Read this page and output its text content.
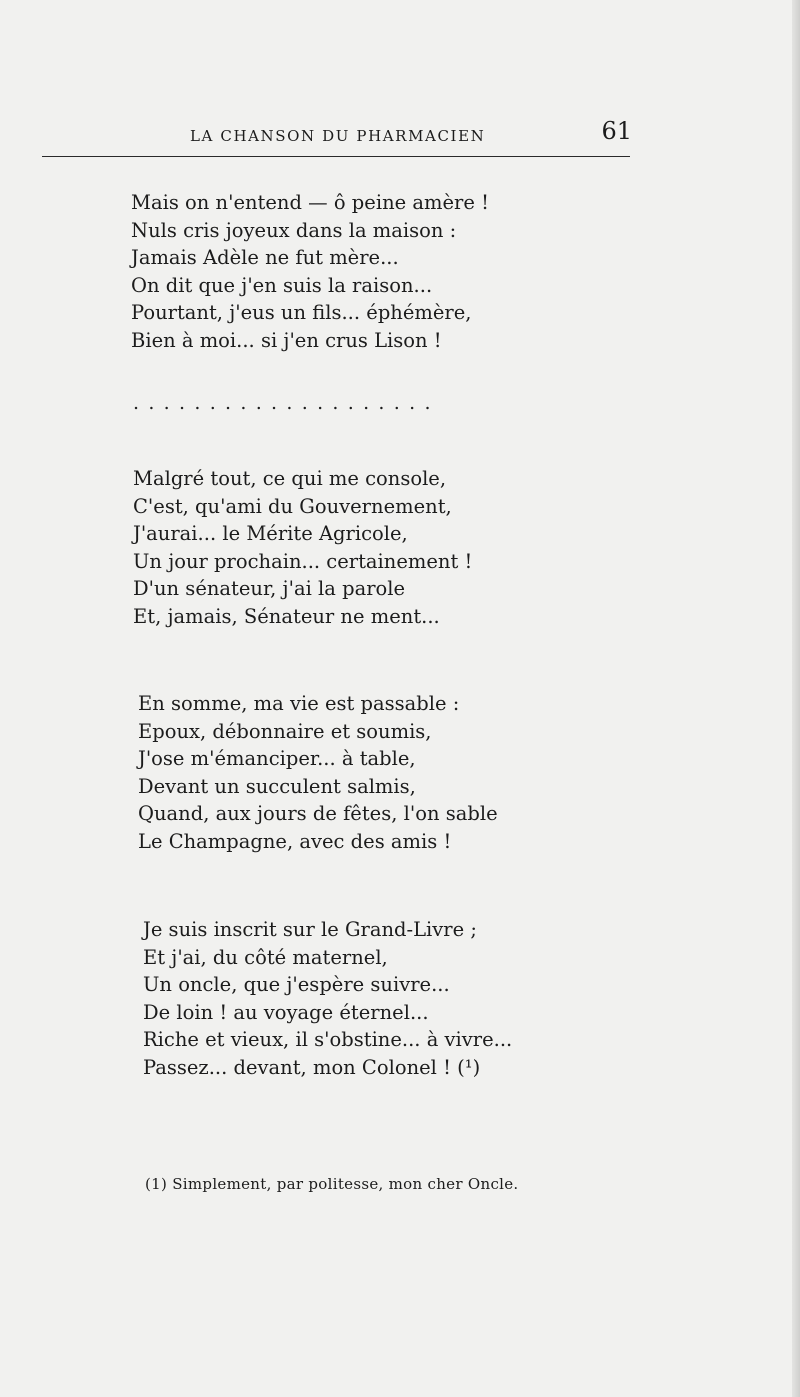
LA CHANSON DU PHARMACIEN	61
Mais on n'entend — ô peine amère !
Nuls cris joyeux dans la maison :
Jamais Adèle ne fut mère...
On dit que j'en suis la raison...
Pourtant, j'eus un fils... éphémère,
Bien à moi... si j'en crus Lison !
....................
Malgré tout, ce qui me console,
C'est, qu'ami du Gouvernement,
J'aurai... le Mérite Agricole,
Un jour prochain... certainement !
D'un sénateur, j'ai la parole
Et, jamais, Sénateur ne ment...
En somme, ma vie est passable :
Epoux, débonnaire et soumis,
J'ose m'émanciper... à table,
Devant un succulent salmis,
Quand, aux jours de fêtes, l'on sable
Le Champagne, avec des amis !
Je suis inscrit sur le Grand-Livre ;
Et j'ai, du côté maternel,
Un oncle, que j'espère suivre...
De loin ! au voyage éternel...
Riche et vieux, il s'obstine... à vivre...
Passez... devant, mon Colonel ! (¹)
(1) Simplement, par politesse, mon cher Oncle.
